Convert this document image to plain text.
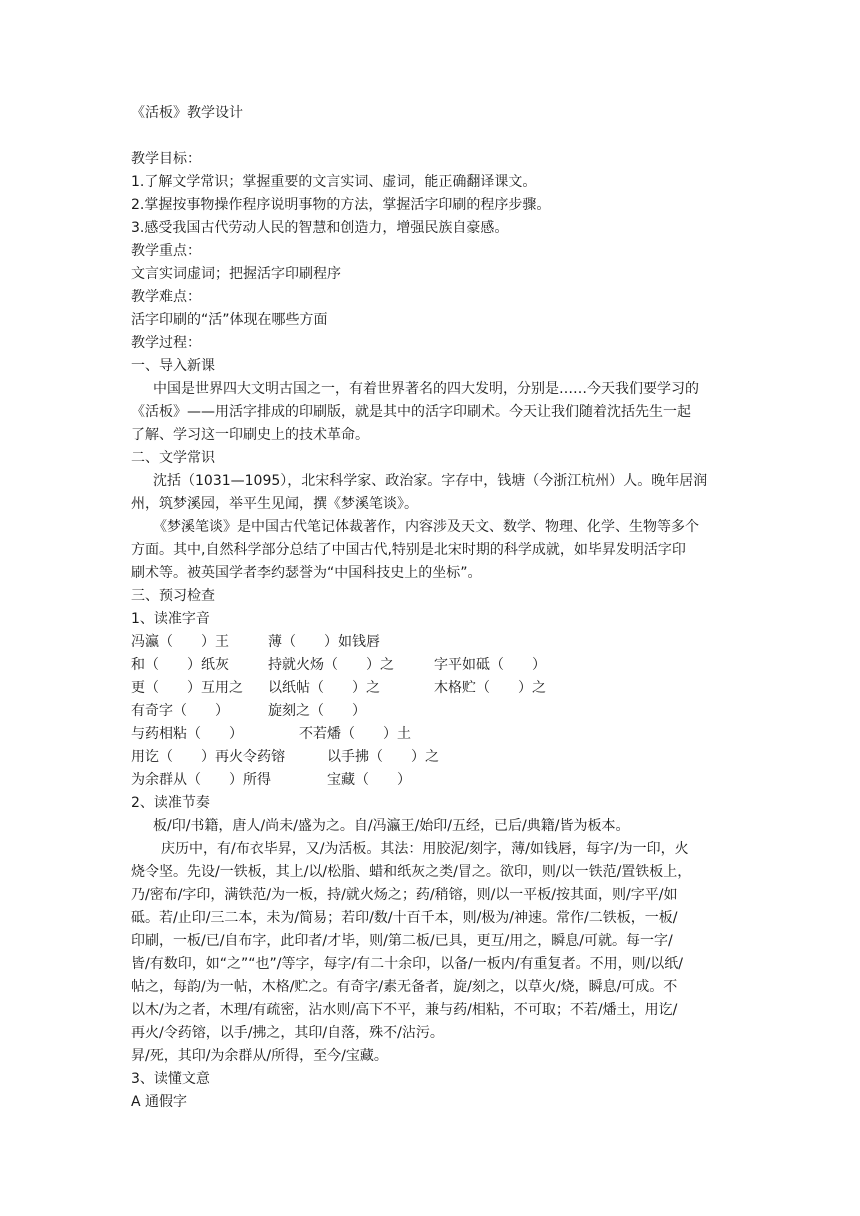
《活板》教学设计
教学目标：
1.了解文学常识；掌握重要的文言实词、虚词，能正确翻译课文。
2.掌握按事物操作程序说明事物的方法，掌握活字印刷的程序步骤。
3.感受我国古代劳动人民的智慧和创造力，增强民族自豪感。
教学重点：
文言实词虚词；把握活字印刷程序
教学难点：
活字印刷的“活”体现在哪些方面
教学过程：
一、导入新课
中国是世界四大文明古国之一，有着世界著名的四大发明，分别是……今天我们要学习的
《活板》——用活字排成的印刷版，就是其中的活字印刷术。今天让我们随着沈括先生一起
了解、学习这一印刷史上的技术革命。
二、文学常识
沈括（1031—1095），北宋科学家、政治家。字存中，钱塘（今浙江杭州）人。晚年居润
州，筑梦溪园，举平生见闻，撰《梦溪笔谈》。
《梦溪笔谈》是中国古代笔记体裁著作，内容涉及天文、数学、物理、化学、生物等多个
方面。其中,自然科学部分总结了中国古代,特别是北宋时期的科学成就，如毕昇发明活字印
刷术等。被英国学者李约瑟誉为“中国科技史上的坐标”。
三、预习检查
1、读准字音
冯瀛（　　）王	薄（　　）如钱唇
和（　　）纸灰	持就火炀（　　）之	字平如砥（　　）
更（　　）互用之	以纸帖（　　）之	木格贮（　　）之
有奇字（　　）	旋刻之（　　）
与药相粘（　　）	不若燔（　　）土
用讫（　　）再火令药镕	以手拂（　　）之
为余群从（　　）所得	宝藏（　　）
2、读准节奏
板/印/书籍，唐人/尚未/盛为之。自/冯瀛王/始印/五经，已后/典籍/皆为板本。
庆历中，有/布衣毕昇，又/为活板。其法：用胶泥/刻字，薄/如钱唇，每字/为一印，火
烧令坚。先设/一铁板，其上/以/松脂、蜡和纸灰之类/冒之。欲印，则/以一铁范/置铁板上，
乃/密布/字印，满铁范/为一板，持/就火炀之；药/稍镕，则/以一平板/按其面，则/字平/如
砥。若/止印/三二本，未为/简易；若印/数/十百千本，则/极为/神速。常作/二铁板，一板/
印刷，一板/已/自布字，此印者/才毕，则/第二板/已具，更互/用之，瞬息/可就。每一字/
皆/有数印，如“之”“也”/等字，每字/有二十余印，以备/一板内/有重复者。不用，则/以纸/
帖之，每韵/为一帖，木格/贮之。有奇字/素无备者，旋/刻之，以草火/烧，瞬息/可成。不
以木/为之者，木理/有疏密，沾水则/高下不平，兼与药/相粘，不可取；不若/燔土，用讫/
再火/令药镕，以手/拂之，其印/自落，殊不/沾污。
昇/死，其印/为余群从/所得，至今/宝藏。
3、读懂文意
A 通假字
